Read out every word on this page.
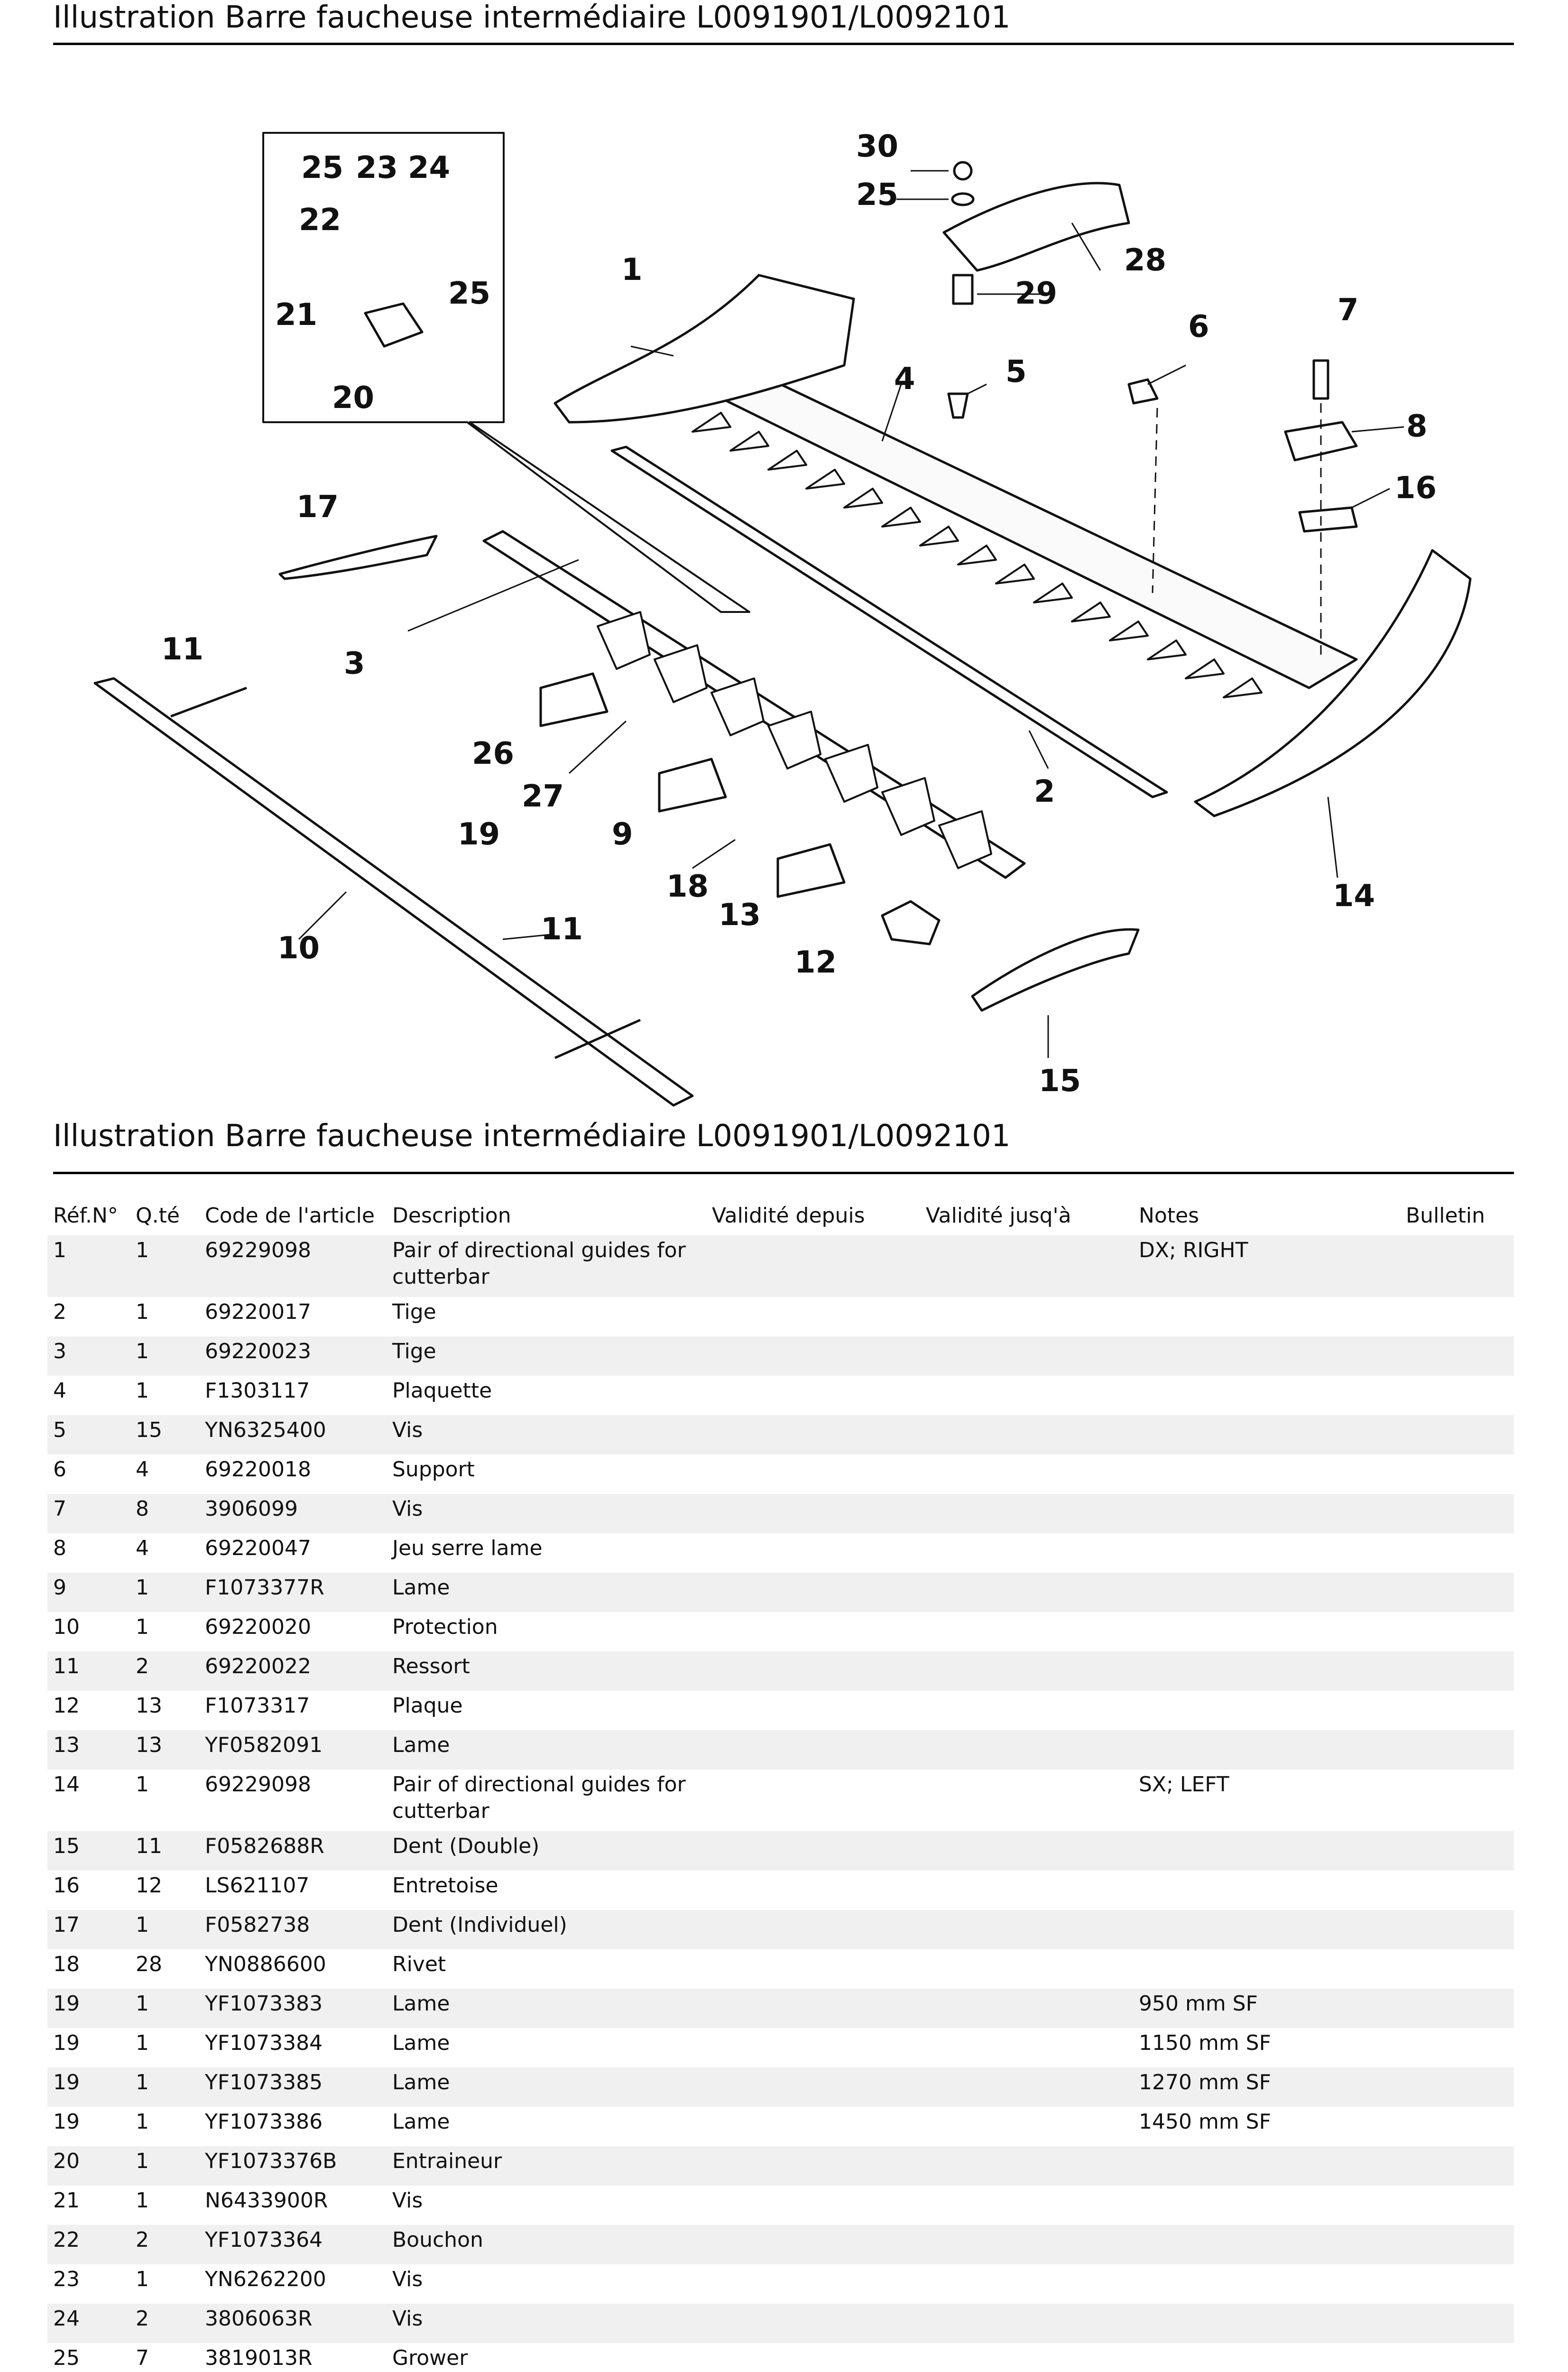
Illustration Barre faucheuse intermédiaire L0091901/L0092101
30
25
28
29
1
6	7
5
4
8
16
25 23 24
22
25
21
20
17
11	3
26
27
19	9
18
13
12
2
14
10
11
15
Illustration Barre faucheuse intermédiaire L0091901/L0092101
Réf.N°	Q.té	Code de l'article	Description	Validité depuis	Validité jusq'à	Notes	Bulletin
1	1	69229098	Pair of directional guides for cutterbar			DX; RIGHT	
2	1	69220017	Tige				
3	1	69220023	Tige				
4	1	F1303117	Plaquette				
5	15	YN6325400	Vis				
6	4	69220018	Support				
7	8	3906099	Vis				
8	4	69220047	Jeu serre lame				
9	1	F1073377R	Lame				
10	1	69220020	Protection				
11	2	69220022	Ressort				
12	13	F1073317	Plaque				
13	13	YF0582091	Lame				
14	1	69229098	Pair of directional guides for cutterbar			SX; LEFT	
15	11	F0582688R	Dent (Double)				
16	12	LS621107	Entretoise				
17	1	F0582738	Dent (Individuel)				
18	28	YN0886600	Rivet				
19	1	YF1073383	Lame			950 mm SF	
19	1	YF1073384	Lame			1150 mm SF	
19	1	YF1073385	Lame			1270 mm SF	
19	1	YF1073386	Lame			1450 mm SF	
20	1	YF1073376B	Entraineur				
21	1	N6433900R	Vis				
22	2	YF1073364	Bouchon				
23	1	YN6262200	Vis				
24	2	3806063R	Vis				
25	7	3819013R	Grower				
